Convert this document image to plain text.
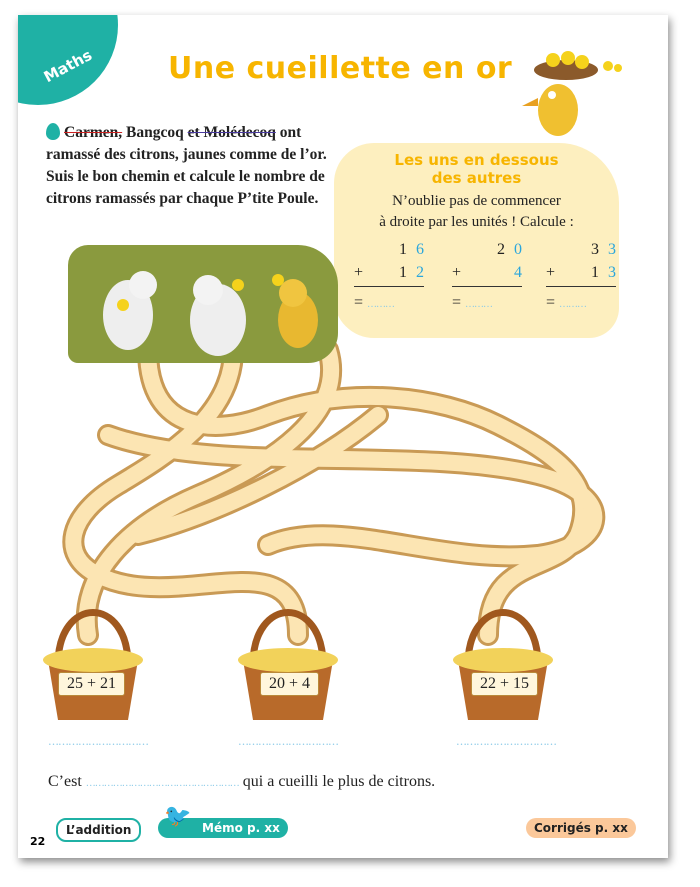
Maths Une cueillette en or
Carmen, Bangcoq et Molédecoq ont ramassé des citrons, jaunes comme de l’or. Suis le bon chemin et calcule le nombre de citrons ramassés par chaque P’tite Poule.
Les uns en dessous
des autres
N’oublie pas de commencer
à droite par les unités ! Calcule :
1 6
+ 1 2
= ………
2 0
+	4
= ………
3 3
+ 1 3
= ………
25 + 21	20 + 4	22 + 15
…………………………	…………………………	…………………………
C’est …………………………………………… qui a cueilli le plus de citrons.
22
L’addition
🐦 Mémo p. xx	Corrigés p. xx
